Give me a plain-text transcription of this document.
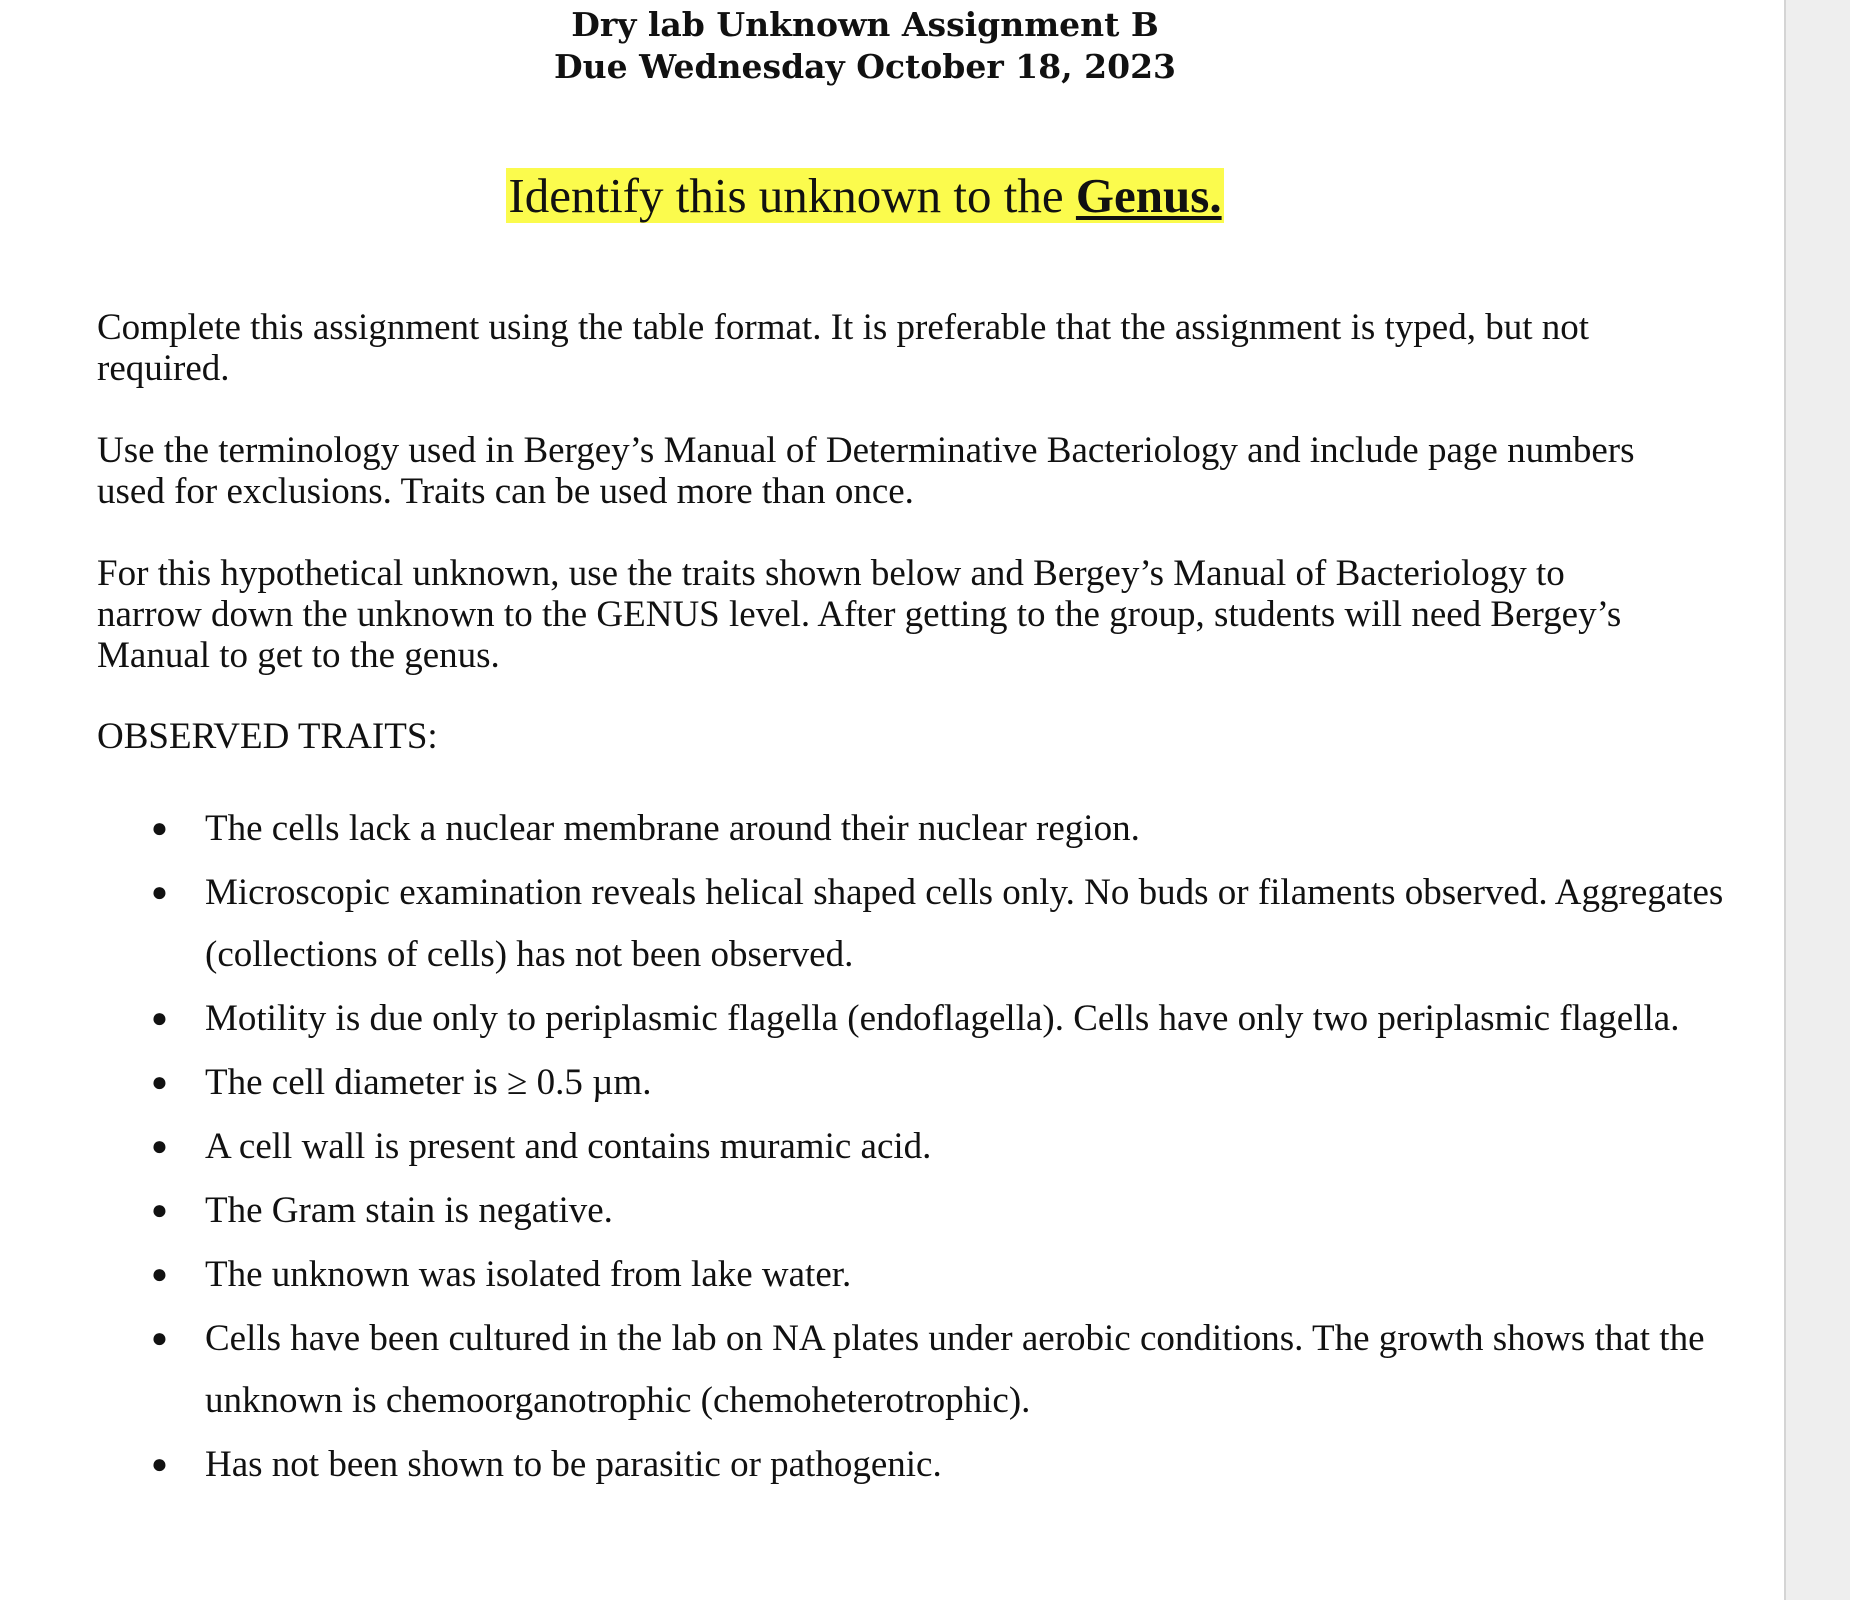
Dry lab Unknown Assignment B
Due Wednesday October 18, 2023
Identify this unknown to the Genus.

Complete this assignment using the table format. It is preferable that the assignment is typed, but not required.

Use the terminology used in Bergey’s Manual of Determinative Bacteriology and include page numbers used for exclusions. Traits can be used more than once.

For this hypothetical unknown, use the traits shown below and Bergey’s Manual of Bacteriology to narrow down the unknown to the GENUS level. After getting to the group, students will need Bergey’s Manual to get to the genus.

OBSERVED TRAITS:
● The cells lack a nuclear membrane around their nuclear region.
● Microscopic examination reveals helical shaped cells only. No buds or filaments observed. Aggregates (collections of cells) has not been observed.
● Motility is due only to periplasmic flagella (endoflagella). Cells have only two periplasmic flagella.
● The cell diameter is ≥ 0.5 µm.
● A cell wall is present and contains muramic acid.
● The Gram stain is negative.
● The unknown was isolated from lake water.
● Cells have been cultured in the lab on NA plates under aerobic conditions. The growth shows that the unknown is chemoorganotrophic (chemoheterotrophic).
● Has not been shown to be parasitic or pathogenic.
